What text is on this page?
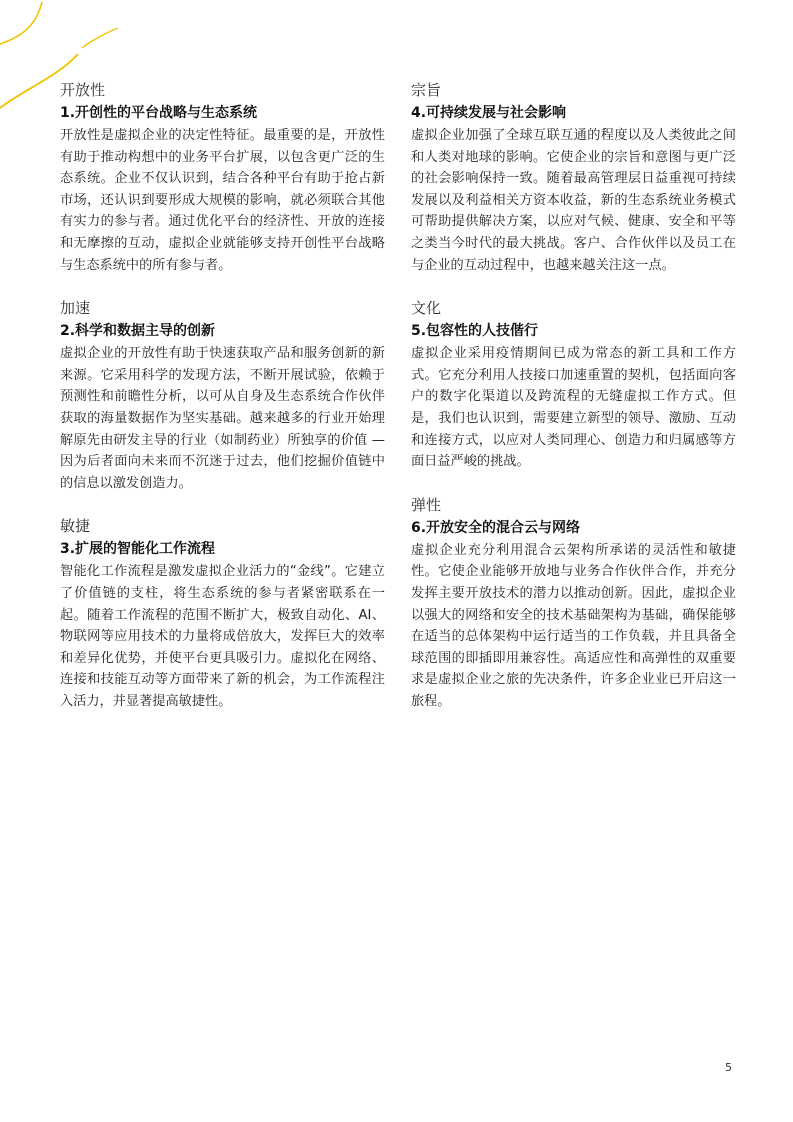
开放性

1.开创性的平台战略与生态系统

开放性是虚拟企业的决定性特征。最重要的是，开放性有助于推动构想中的业务平台扩展，以包含更广泛的生态系统。企业不仅认识到，结合各种平台有助于抢占新市场，还认识到要形成大规模的影响，就必须联合其他有实力的参与者。通过优化平台的经济性、开放的连接和无摩擦的互动，虚拟企业就能够支持开创性平台战略与生态系统中的所有参与者。

加速

2.科学和数据主导的创新

虚拟企业的开放性有助于快速获取产品和服务创新的新来源。它采用科学的发现方法，不断开展试验，依赖于预测性和前瞻性分析，以可从自身及生态系统合作伙伴获取的海量数据作为坚实基础。越来越多的行业开始理解原先由研发主导的行业（如制药业）所独享的价值 — 因为后者面向未来而不沉迷于过去，他们挖掘价值链中的信息以激发创造力。

敏捷

3.扩展的智能化工作流程

智能化工作流程是激发虚拟企业活力的“金线”。它建立了价值链的支柱，将生态系统的参与者紧密联系在一起。随着工作流程的范围不断扩大，极致自动化、AI、物联网等应用技术的力量将成倍放大，发挥巨大的效率和差异化优势，并使平台更具吸引力。虚拟化在网络、连接和技能互动等方面带来了新的机会，为工作流程注入活力，并显著提高敏捷性。

宗旨

4.可持续发展与社会影响

虚拟企业加强了全球互联互通的程度以及人类彼此之间和人类对地球的影响。它使企业的宗旨和意图与更广泛的社会影响保持一致。随着最高管理层日益重视可持续发展以及利益相关方资本收益，新的生态系统业务模式可帮助提供解决方案，以应对气候、健康、安全和平等之类当今时代的最大挑战。客户、合作伙伴以及员工在与企业的互动过程中，也越来越关注这一点。

文化

5.包容性的人技偕行

虚拟企业采用疫情期间已成为常态的新工具和工作方式。它充分利用人技接口加速重置的契机，包括面向客户的数字化渠道以及跨流程的无缝虚拟工作方式。但是，我们也认识到，需要建立新型的领导、激励、互动和连接方式，以应对人类同理心、创造力和归属感等方面日益严峻的挑战。

弹性

6.开放安全的混合云与网络

虚拟企业充分利用混合云架构所承诺的灵活性和敏捷性。它使企业能够开放地与业务合作伙伴合作，并充分发挥主要开放技术的潜力以推动创新。因此，虚拟企业以强大的网络和安全的技术基础架构为基础，确保能够在适当的总体架构中运行适当的工作负载，并且具备全球范围的即插即用兼容性。高适应性和高弹性的双重要求是虚拟企业之旅的先决条件，许多企业业已开启这一旅程。

5
